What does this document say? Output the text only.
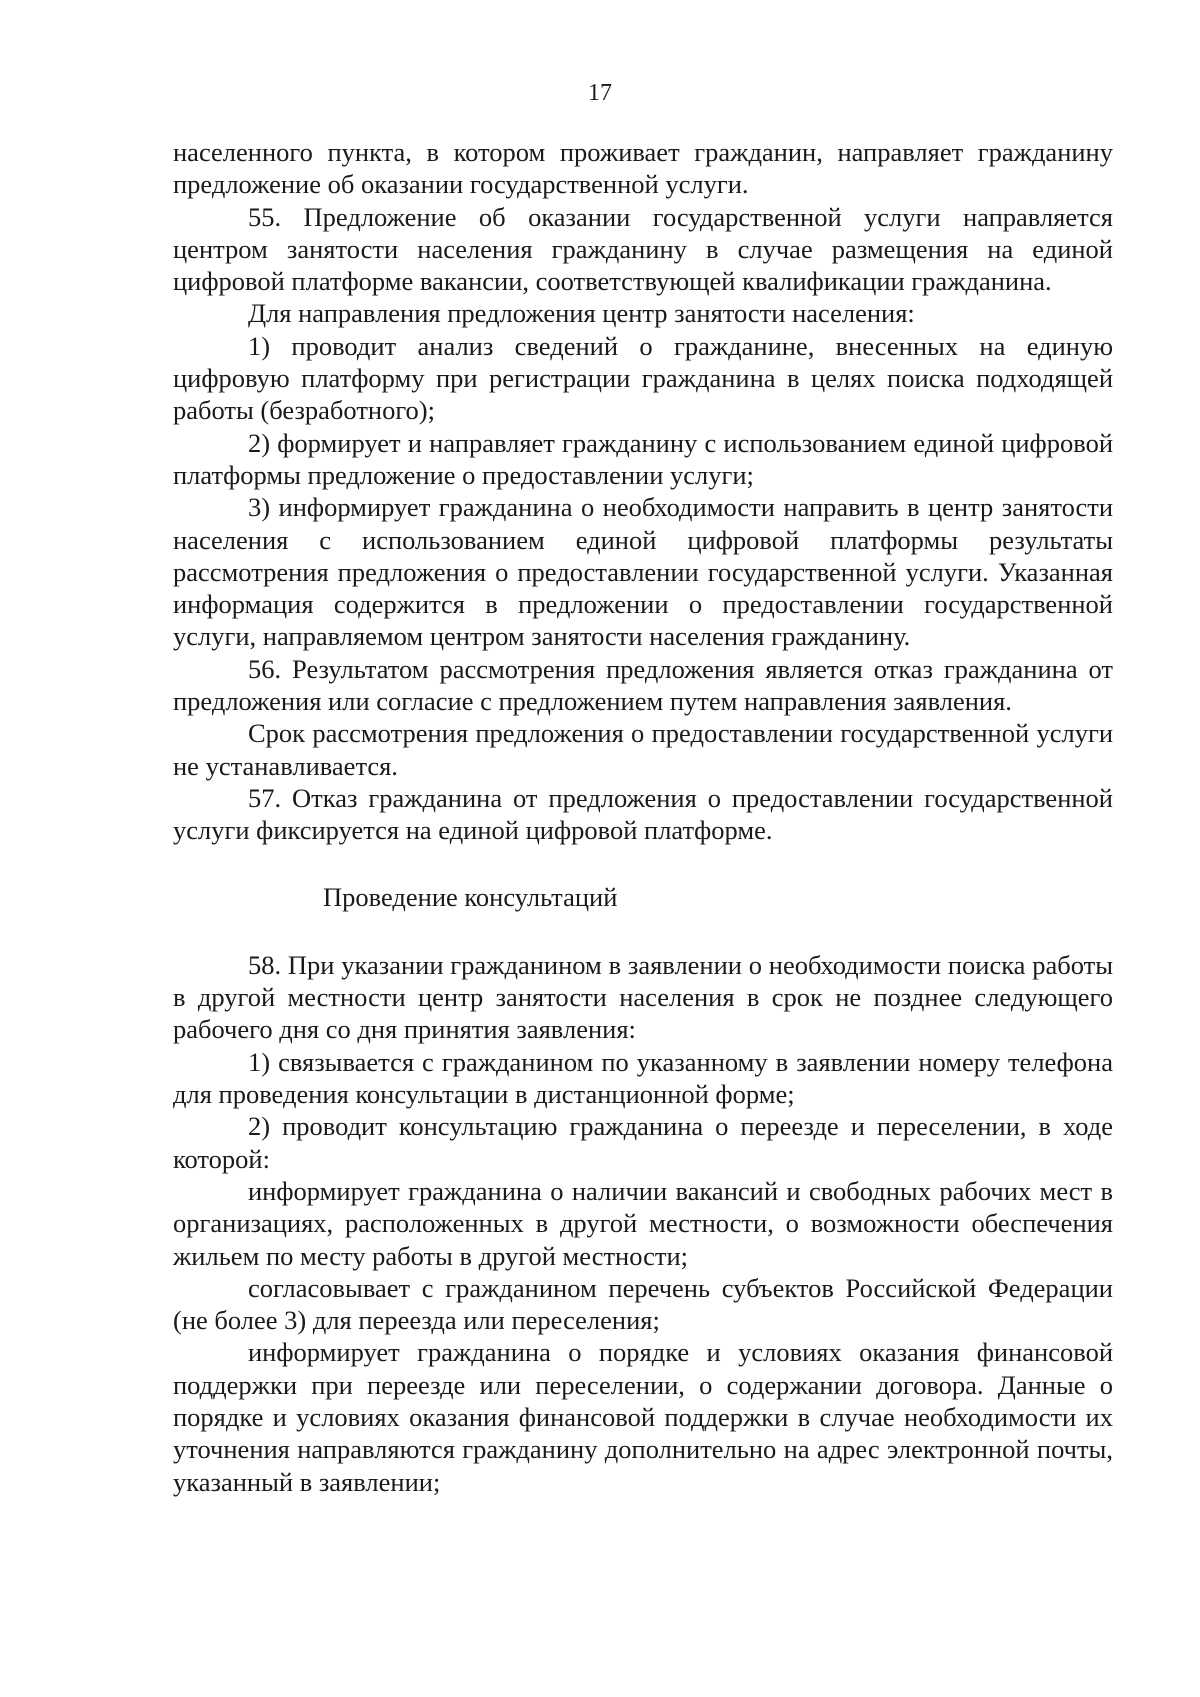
17

населенного пункта, в котором проживает гражданин, направляет гражданину предложение об оказании государственной услуги.

55. Предложение об оказании государственной услуги направляется центром занятости населения гражданину в случае размещения на единой цифровой платформе вакансии, соответствующей квалификации гражданина.

Для направления предложения центр занятости населения:

1) проводит анализ сведений о гражданине, внесенных на единую цифровую платформу при регистрации гражданина в целях поиска подходящей работы (безработного);

2) формирует и направляет гражданину с использованием единой цифровой платформы предложение о предоставлении услуги;

3) информирует гражданина о необходимости направить в центр занятости населения с использованием единой цифровой платформы результаты рассмотрения предложения о предоставлении государственной услуги. Указанная информация содержится в предложении о предоставлении государственной услуги, направляемом центром занятости населения гражданину.

56. Результатом рассмотрения предложения является отказ гражданина от предложения или согласие с предложением путем направления заявления.

Срок рассмотрения предложения о предоставлении государственной услуги не устанавливается.

57. Отказ гражданина от предложения о предоставлении государственной услуги фиксируется на единой цифровой платформе.

Проведение консультаций

58. При указании гражданином в заявлении о необходимости поиска работы в другой местности центр занятости населения в срок не позднее следующего рабочего дня со дня принятия заявления:

1) связывается с гражданином по указанному в заявлении номеру телефона для проведения консультации в дистанционной форме;

2) проводит консультацию гражданина о переезде и переселении, в ходе которой:

информирует гражданина о наличии вакансий и свободных рабочих мест в организациях, расположенных в другой местности, о возможности обеспечения жильем по месту работы в другой местности;

согласовывает с гражданином перечень субъектов Российской Федерации (не более 3) для переезда или переселения;

информирует гражданина о порядке и условиях оказания финансовой поддержки при переезде или переселении, о содержании договора. Данные о порядке и условиях оказания финансовой поддержки в случае необходимости их уточнения направляются гражданину дополнительно на адрес электронной почты, указанный в заявлении;
